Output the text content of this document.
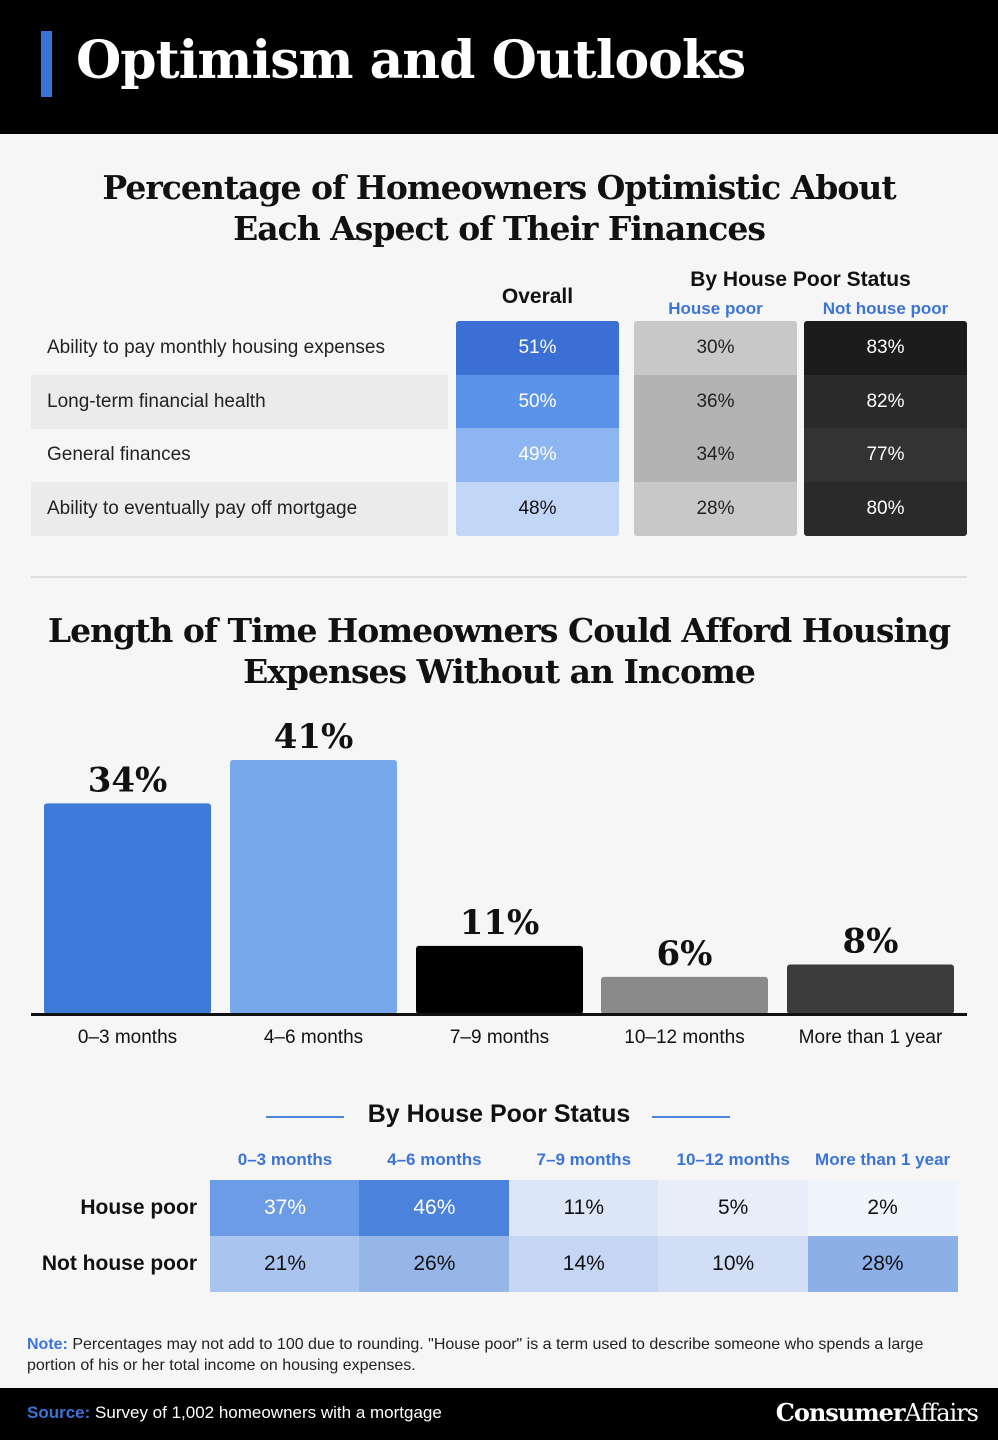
Optimism and Outlooks
Percentage of Homeowners Optimistic About
Each Aspect of Their Finances
Overall
By House Poor Status
House poor	Not house poor
Ability to pay monthly housing expenses	51%	30%	83%
Long-term financial health	50%	36%	82%
General finances	49%	34%	77%
Ability to eventually pay off mortgage	48%	28%	80%
Length of Time Homeowners Could Afford Housing
Expenses Without an Income
34%
0–3 months
41%
4–6 months
11%
7–9 months
6%
10–12 months
8%
More than 1 year
By House Poor Status
0–3 months	4–6 months	7–9 months	10–12 months	More than 1 year
House poor	37%	46%	11%	5%	2%
Not house poor	21%	26%	14%	10%	28%
Note: Percentages may not add to 100 due to rounding. "House poor" is a term used to describe someone who spends a large portion of his or her total income on housing expenses.
Source: Survey of 1,002 homeowners with a mortgage	ConsumerAffairs
